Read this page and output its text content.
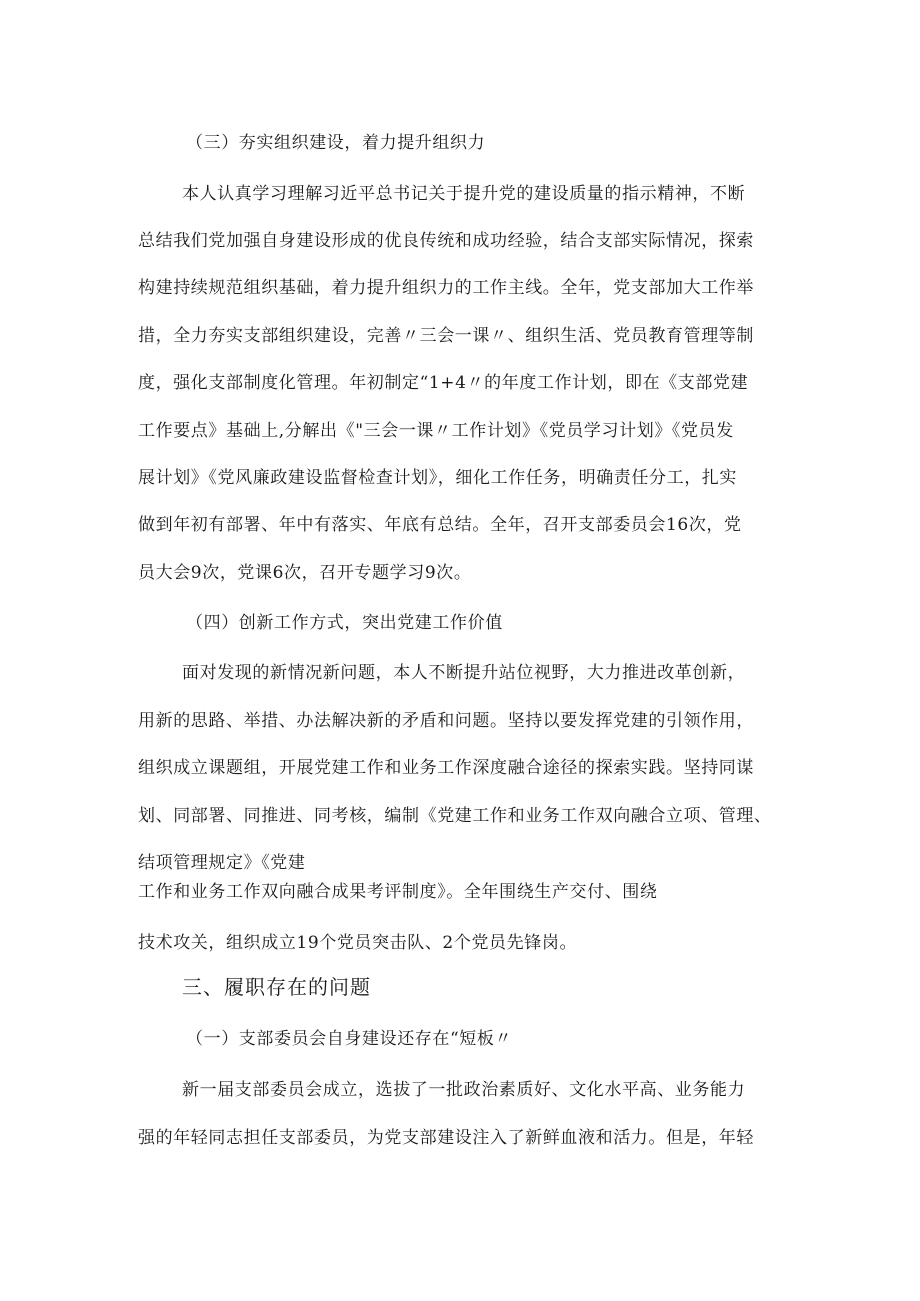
（三）夯实组织建设，着力提升组织力
本人认真学习理解习近平总书记关于提升党的建设质量的指示精神，不断
总结我们党加强自身建设形成的优良传统和成功经验，结合支部实际情况，探索
构建持续规范组织基础，着力提升组织力的工作主线。全年，党支部加大工作举
措，全力夯实支部组织建设，完善〃三会一课〃、组织生活、党员教育管理等制
度，强化支部制度化管理。年初制定“1+4〃的年度工作计划，即在《支部党建
工作要点》基础上,分解出《"三会一课〃工作计划》《党员学习计划》《党员发
展计划》《党风廉政建设监督检查计划》，细化工作任务，明确责任分工，扎实
做到年初有部署、年中有落实、年底有总结。全年，召开支部委员会16次，党
员大会9次，党课6次，召开专题学习9次。
（四）创新工作方式，突出党建工作价值
面对发现的新情况新问题，本人不断提升站位视野，大力推进改革创新，
用新的思路、举措、办法解决新的矛盾和问题。坚持以要发挥党建的引领作用，
组织成立课题组，开展党建工作和业务工作深度融合途径的探索实践。坚持同谋
划、同部署、同推进、同考核，编制《党建工作和业务工作双向融合立项、管理、
结项管理规定》《党建
工作和业务工作双向融合成果考评制度》。全年围绕生产交付、围绕
技术攻关，组织成立19个党员突击队、2个党员先锋岗。
三、履职存在的问题
（一）支部委员会自身建设还存在“短板〃
新一届支部委员会成立，选拔了一批政治素质好、文化水平高、业务能力
强的年轻同志担任支部委员，为党支部建设注入了新鲜血液和活力。但是，年轻
